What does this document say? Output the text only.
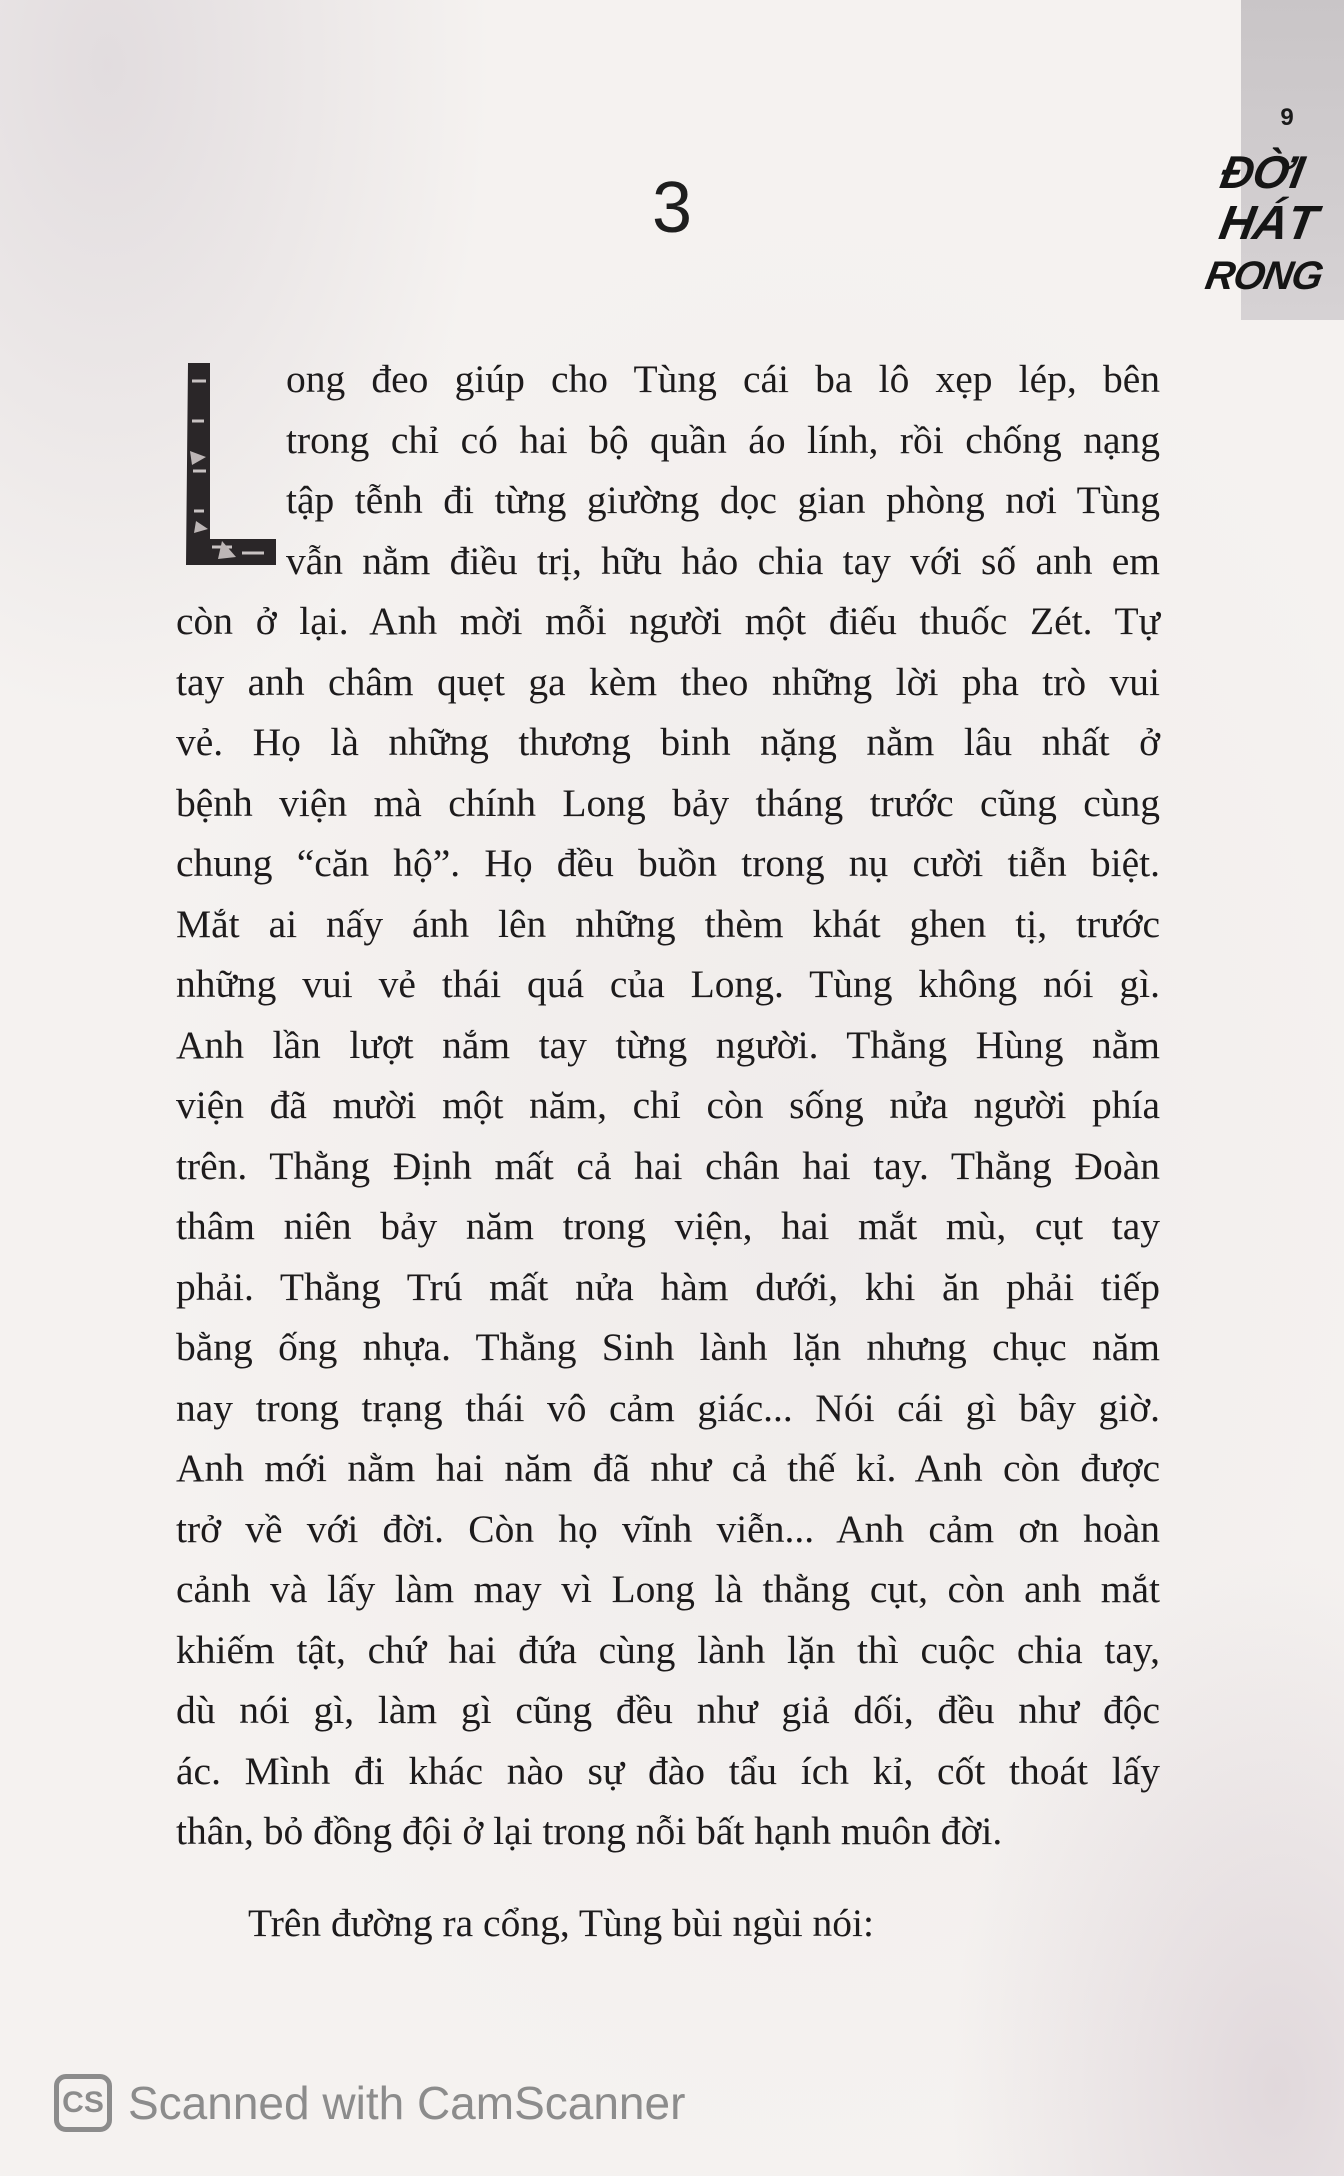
9
ĐỜI
HÁT
RONG
3
ong đeo giúp cho Tùng cái ba lô xẹp lép, bên
trong chỉ có hai bộ quần áo lính, rồi chống nạng
tập tễnh đi từng giường dọc gian phòng nơi Tùng
vẫn nằm điều trị, hữu hảo chia tay với số anh em
còn ở lại. Anh mời mỗi người một điếu thuốc Zét. Tự
tay anh châm quẹt ga kèm theo những lời pha trò vui
vẻ. Họ là những thương binh nặng nằm lâu nhất ở
bệnh viện mà chính Long bảy tháng trước cũng cùng
chung “căn hộ”. Họ đều buồn trong nụ cười tiễn biệt.
Mắt ai nấy ánh lên những thèm khát ghen tị, trước
những vui vẻ thái quá của Long. Tùng không nói gì.
Anh lần lượt nắm tay từng người. Thằng Hùng nằm
viện đã mười một năm, chỉ còn sống nửa người phía
trên. Thằng Định mất cả hai chân hai tay. Thằng Đoàn
thâm niên bảy năm trong viện, hai mắt mù, cụt tay
phải. Thằng Trú mất nửa hàm dưới, khi ăn phải tiếp
bằng ống nhựa. Thằng Sinh lành lặn nhưng chục năm
nay trong trạng thái vô cảm giác... Nói cái gì bây giờ.
Anh mới nằm hai năm đã như cả thế kỉ. Anh còn được
trở về với đời. Còn họ vĩnh viễn... Anh cảm ơn hoàn
cảnh và lấy làm may vì Long là thằng cụt, còn anh mắt
khiếm tật, chứ hai đứa cùng lành lặn thì cuộc chia tay,
dù nói gì, làm gì cũng đều như giả dối, đều như độc
ác. Mình đi khác nào sự đào tẩu ích kỉ, cốt thoát lấy
thân, bỏ đồng đội ở lại trong nỗi bất hạnh muôn đời.
Trên đường ra cổng, Tùng bùi ngùi nói:
CS Scanned with CamScanner
